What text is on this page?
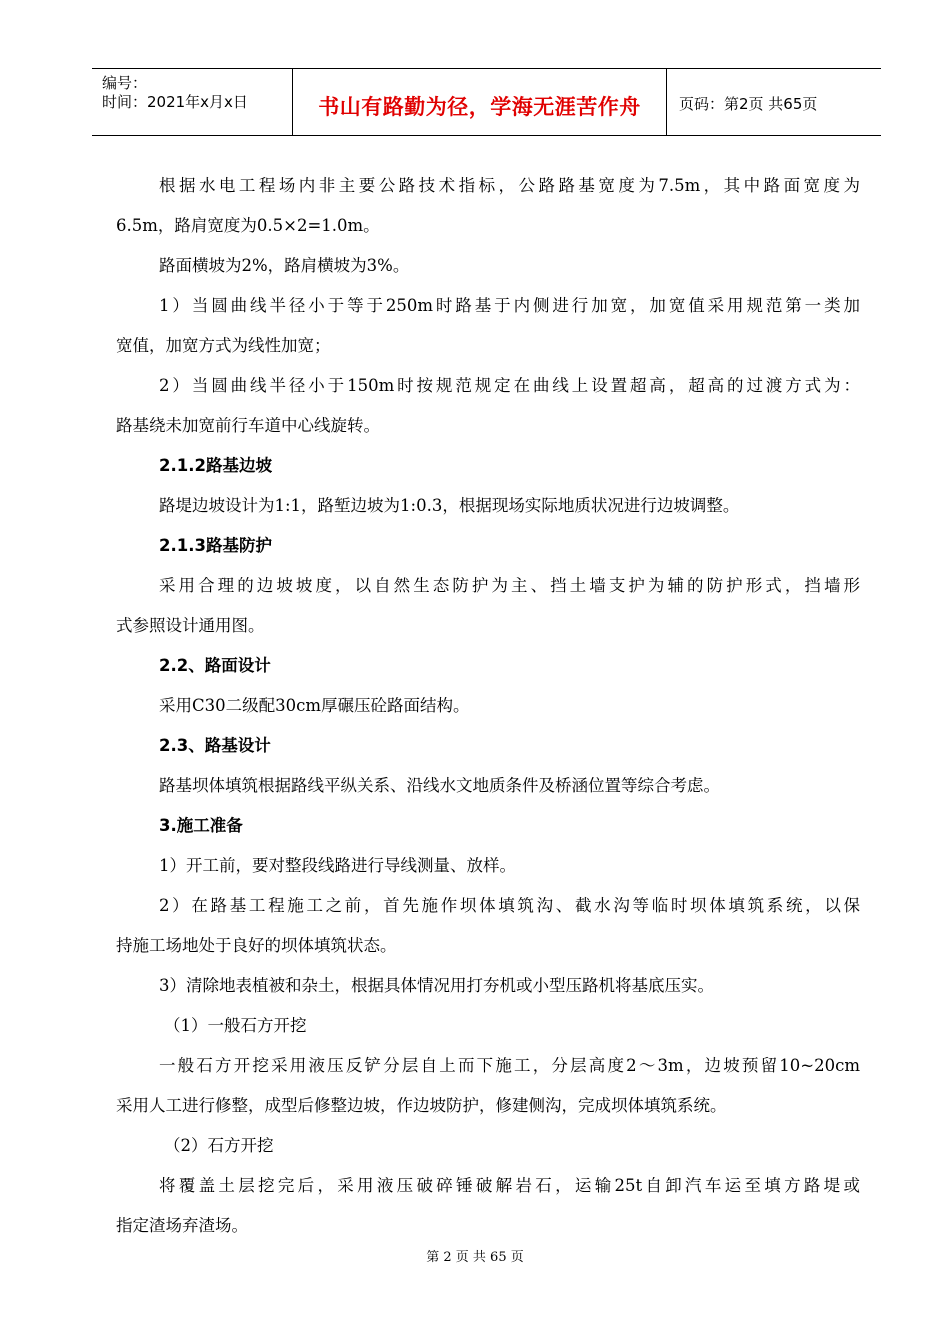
编号：
时间：2021年x月x日	书山有路勤为径，学海无涯苦作舟	页码：第2页 共65页

根据水电工程场内非主要公路技术指标，公路路基宽度为7.5m，其中路面宽度为

6.5m，路肩宽度为0.5×2=1.0m。

路面横坡为2%，路肩横坡为3%。

1）当圆曲线半径小于等于250m时路基于内侧进行加宽，加宽值采用规范第一类加

宽值，加宽方式为线性加宽；

2）当圆曲线半径小于150m时按规范规定在曲线上设置超高，超高的过渡方式为：

路基绕未加宽前行车道中心线旋转。

2.1.2路基边坡

路堤边坡设计为1:1，路堑边坡为1:0.3，根据现场实际地质状况进行边坡调整。

2.1.3路基防护

采用合理的边坡坡度，以自然生态防护为主、挡土墙支护为辅的防护形式，挡墙形

式参照设计通用图。

2.2、路面设计

采用C30二级配30cm厚碾压砼路面结构。

2.3、路基设计

路基坝体填筑根据路线平纵关系、沿线水文地质条件及桥涵位置等综合考虑。

3.施工准备

1）开工前，要对整段线路进行导线测量、放样。

2）在路基工程施工之前，首先施作坝体填筑沟、截水沟等临时坝体填筑系统，以保

持施工场地处于良好的坝体填筑状态。

3）清除地表植被和杂土，根据具体情况用打夯机或小型压路机将基底压实。

（1）一般石方开挖

一般石方开挖采用液压反铲分层自上而下施工，分层高度2～3m，边坡预留10~20cm

采用人工进行修整，成型后修整边坡，作边坡防护，修建侧沟，完成坝体填筑系统。

（2）石方开挖

将覆盖土层挖完后，采用液压破碎锤破解岩石，运输25t自卸汽车运至填方路堤或

指定渣场弃渣场。

第 2 页 共 65 页
